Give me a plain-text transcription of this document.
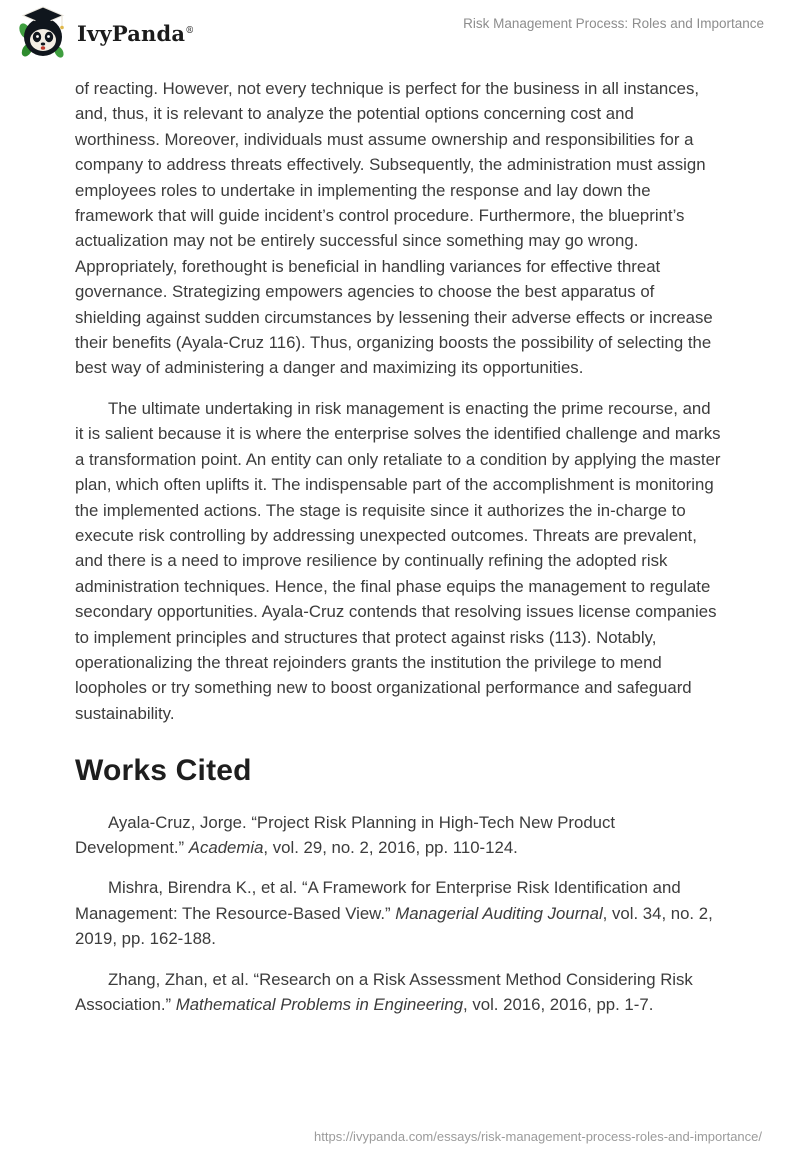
IvyPanda®	Risk Management Process: Roles and Importance

of reacting. However, not every technique is perfect for the business in all instances, and, thus, it is relevant to analyze the potential options concerning cost and worthiness. Moreover, individuals must assume ownership and responsibilities for a company to address threats effectively. Subsequently, the administration must assign employees roles to undertake in implementing the response and lay down the framework that will guide incident’s control procedure. Furthermore, the blueprint’s actualization may not be entirely successful since something may go wrong. Appropriately, forethought is beneficial in handling variances for effective threat governance. Strategizing empowers agencies to choose the best apparatus of shielding against sudden circumstances by lessening their adverse effects or increase their benefits (Ayala-Cruz 116). Thus, organizing boosts the possibility of selecting the best way of administering a danger and maximizing its opportunities.

The ultimate undertaking in risk management is enacting the prime recourse, and it is salient because it is where the enterprise solves the identified challenge and marks a transformation point. An entity can only retaliate to a condition by applying the master plan, which often uplifts it. The indispensable part of the accomplishment is monitoring the implemented actions. The stage is requisite since it authorizes the in-charge to execute risk controlling by addressing unexpected outcomes. Threats are prevalent, and there is a need to improve resilience by continually refining the adopted risk administration techniques. Hence, the final phase equips the management to regulate secondary opportunities. Ayala-Cruz contends that resolving issues license companies to implement principles and structures that protect against risks (113). Notably, operationalizing the threat rejoinders grants the institution the privilege to mend loopholes or try something new to boost organizational performance and safeguard sustainability.

Works Cited

Ayala-Cruz, Jorge. “Project Risk Planning in High-Tech New Product Development.” Academia, vol. 29, no. 2, 2016, pp. 110-124.

Mishra, Birendra K., et al. “A Framework for Enterprise Risk Identification and Management: The Resource-Based View.” Managerial Auditing Journal, vol. 34, no. 2, 2019, pp. 162-188.

Zhang, Zhan, et al. “Research on a Risk Assessment Method Considering Risk Association.” Mathematical Problems in Engineering, vol. 2016, 2016, pp. 1-7.

https://ivypanda.com/essays/risk-management-process-roles-and-importance/
